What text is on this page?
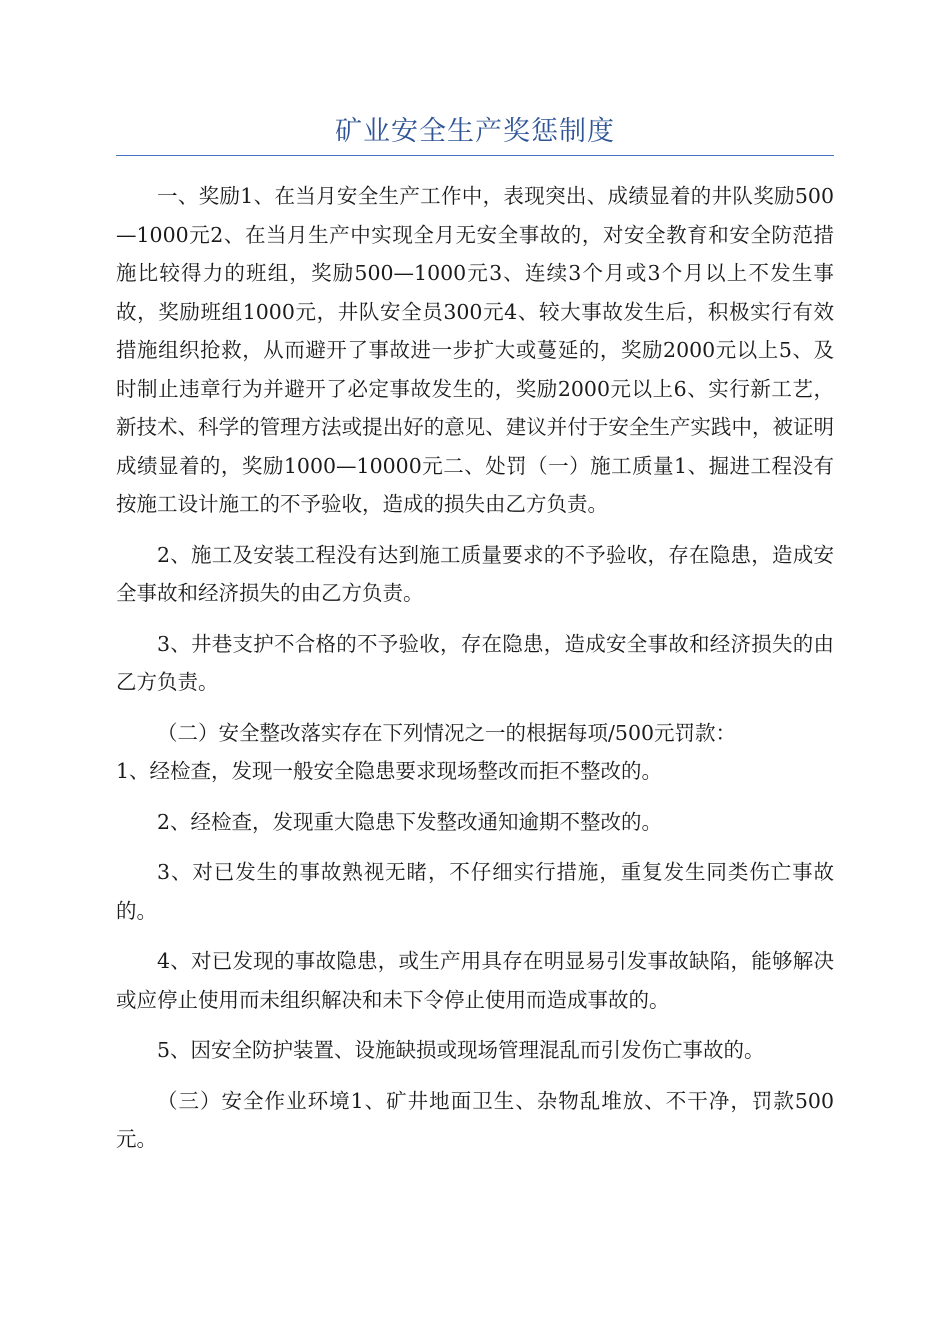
矿业安全生产奖惩制度

一、奖励1、在当月安全生产工作中，表现突出、成绩显着的井队奖励500—1000元2、在当月生产中实现全月无安全事故的，对安全教育和安全防范措施比较得力的班组，奖励500—1000元3、连续3个月或3个月以上不发生事故，奖励班组1000元，井队安全员300元4、较大事故发生后，积极实行有效措施组织抢救，从而避开了事故进一步扩大或蔓延的，奖励2000元以上5、及时制止违章行为并避开了必定事故发生的，奖励2000元以上6、实行新工艺，新技术、科学的管理方法或提出好的意见、建议并付于安全生产实践中，被证明成绩显着的，奖励1000—10000元二、处罚（一）施工质量1、掘进工程没有按施工设计施工的不予验收，造成的损失由乙方负责。

2、施工及安装工程没有达到施工质量要求的不予验收，存在隐患，造成安全事故和经济损失的由乙方负责。

3、井巷支护不合格的不予验收，存在隐患，造成安全事故和经济损失的由乙方负责。

（二）安全整改落实存在下列情况之一的根据每项/500元罚款：

1、经检查，发现一般安全隐患要求现场整改而拒不整改的。

2、经检查，发现重大隐患下发整改通知逾期不整改的。

3、对已发生的事故熟视无睹，不仔细实行措施，重复发生同类伤亡事故的。

4、对已发现的事故隐患，或生产用具存在明显易引发事故缺陷，能够解决或应停止使用而未组织解决和未下令停止使用而造成事故的。

5、因安全防护装置、设施缺损或现场管理混乱而引发伤亡事故的。

（三）安全作业环境1、矿井地面卫生、杂物乱堆放、不干净，罚款500元。
